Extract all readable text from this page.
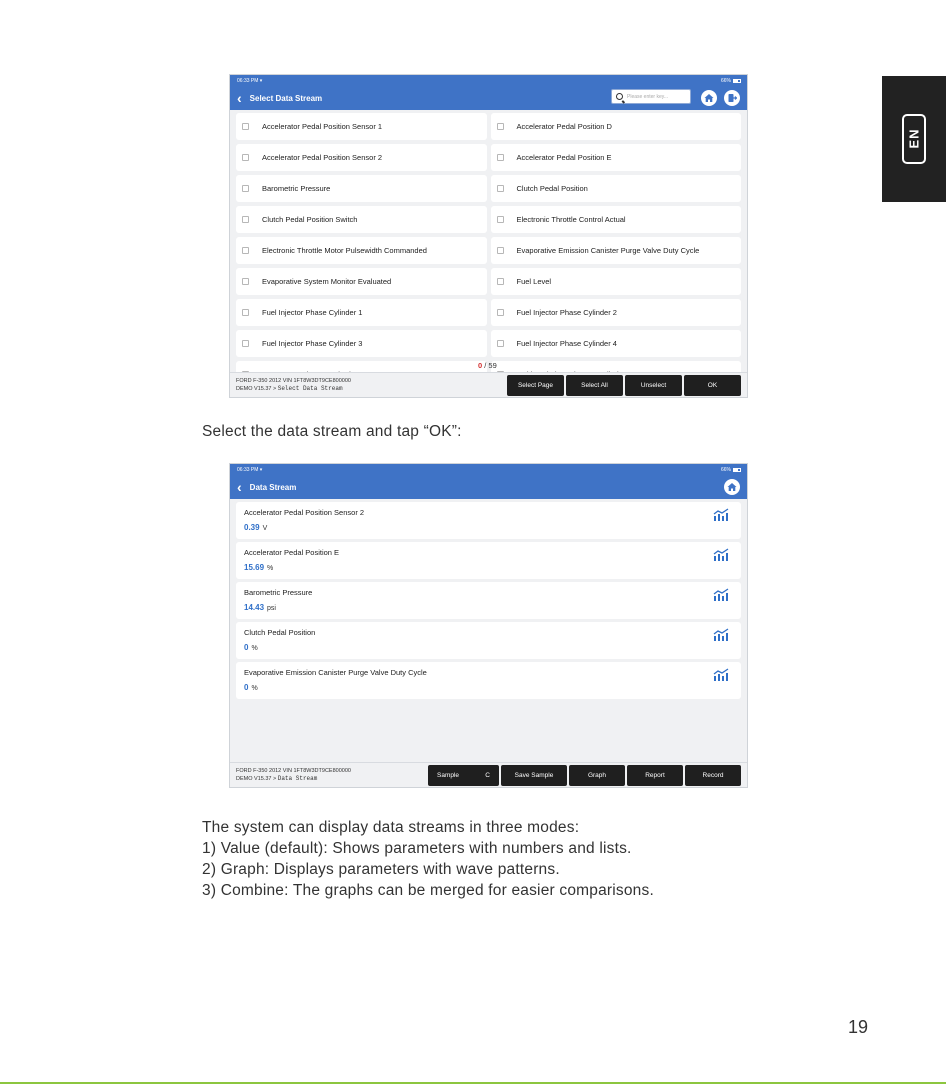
EN
06:33 PM ▾	66%
‹ Select Data Stream
Please enter key...
Accelerator Pedal Position Sensor 1	Accelerator Pedal Position D
Accelerator Pedal Position Sensor 2	Accelerator Pedal Position E
Barometric Pressure	Clutch Pedal Position
Clutch Pedal Position Switch	Electronic Throttle Control Actual
Electronic Throttle Motor Pulsewidth Commanded	Evaporative Emission Canister Purge Valve Duty Cycle
Evaporative System Monitor Evaluated	Fuel Level
Fuel Injector Phase Cylinder 1	Fuel Injector Phase Cylinder 2
Fuel Injector Phase Cylinder 3	Fuel Injector Phase Cylinder 4
0 / 59
FORD F-350 2012 VIN 1FT8W3DT9CE800000
DEMO V15.37 > Select Data Stream	Select Page	Select All	Unselect	OK
Select the data stream and tap “OK”:
06:33 PM ▾	66%
‹ Data Stream
Accelerator Pedal Position Sensor 2
0.39 V
Accelerator Pedal Position E
15.69 %
Barometric Pressure
14.43 psi
Clutch Pedal Position
0 %
Evaporative Emission Canister Purge Valve Duty Cycle
0 %
FORD F-350 2012 VIN 1FT8W3DT9CE800000
DEMO V15.37 > Data Stream	Sample	C	Save Sample	Graph	Report	Record

The system can display data streams in three modes:

1) Value (default): Shows parameters with numbers and lists.

2) Graph: Displays parameters with wave patterns.

3) Combine: The graphs can be merged for easier comparisons.

19
